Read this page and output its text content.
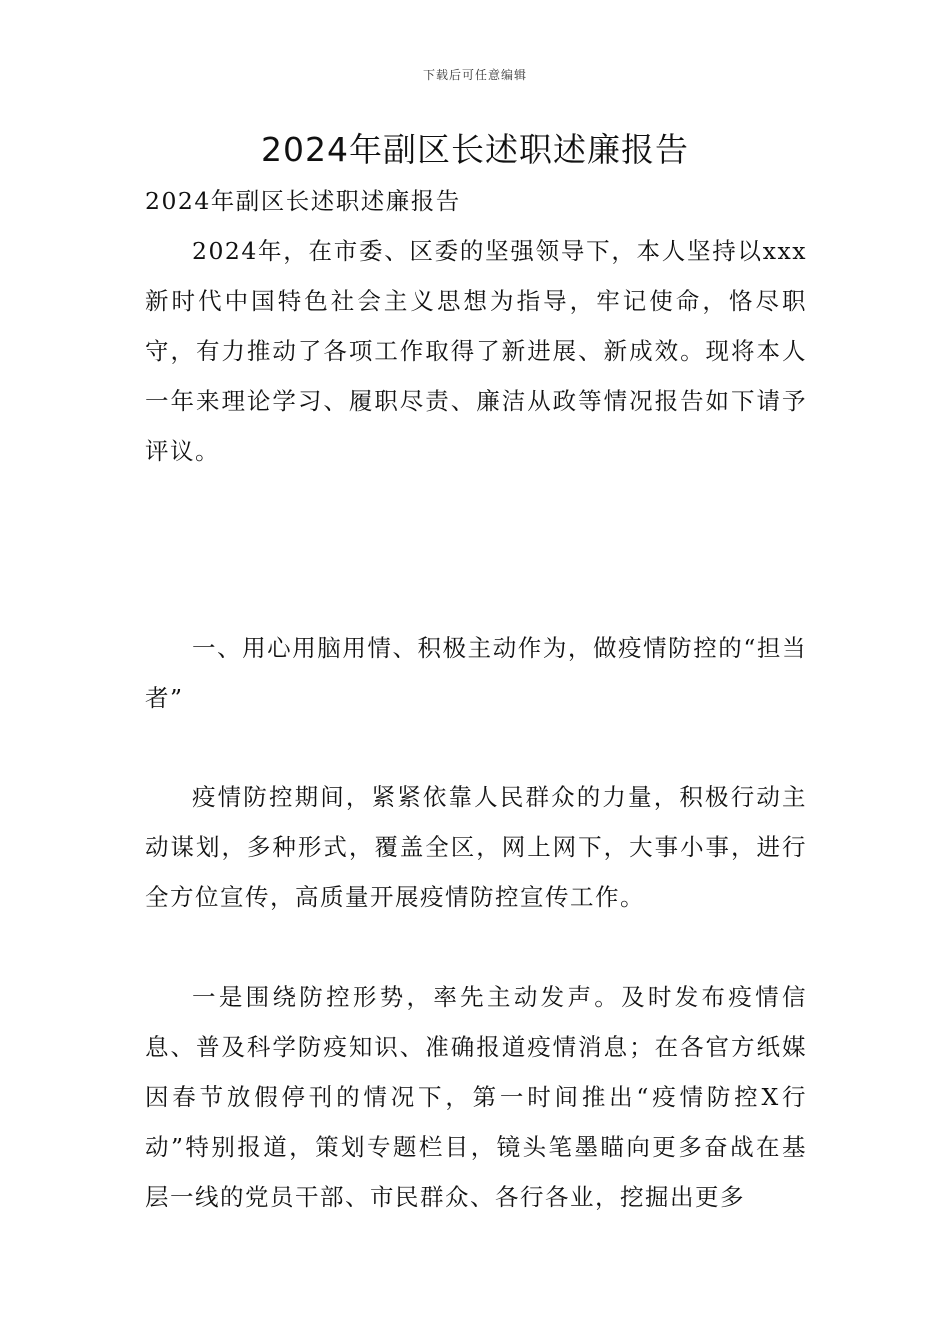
下载后可任意编辑
2024年副区长述职述廉报告

2024年副区长述职述廉报告

2024年，在市委、区委的坚强领导下，本人坚持以xxx新时代中国特色社会主义思想为指导，牢记使命，恪尽职守，有力推动了各项工作取得了新进展、新成效。现将本人一年来理论学习、履职尽责、廉洁从政等情况报告如下请予评议。

一、用心用脑用情、积极主动作为，做疫情防控的“担当者”

疫情防控期间，紧紧依靠人民群众的力量，积极行动主动谋划，多种形式，覆盖全区，网上网下，大事小事，进行全方位宣传，高质量开展疫情防控宣传工作。

一是围绕防控形势，率先主动发声。及时发布疫情信息、普及科学防疫知识、准确报道疫情消息；在各官方纸媒因春节放假停刊的情况下，第一时间推出“疫情防控X行动”特别报道，策划专题栏目，镜头笔墨瞄向更多奋战在基层一线的党员干部、市民群众、各行各业，挖掘出更多
